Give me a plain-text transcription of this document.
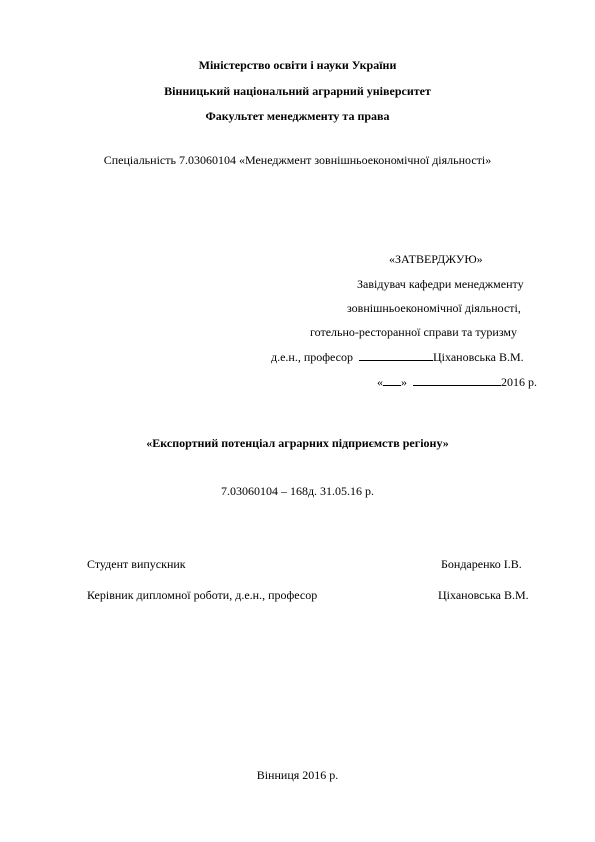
Міністерство освіти і науки України
Вінницький національний аграрний університет
Факультет менеджменту та права
Спеціальність 7.03060104 «Менеджмент зовнішньоекономічної діяльності»
«ЗАТВЕРДЖУЮ»
Завідувач кафедри менеджменту
зовнішньоекономічної діяльності,
готельно-ресторанної справи та туризму
д.е.н., професор	Ціхановська В.М.
« »	2016 р.
«Експортний потенціал аграрних підприємств регіону»
7.03060104 – 168д. 31.05.16 р.
Студент випускник	Бондаренко І.В.
Керівник дипломної роботи, д.е.н., професор	Ціхановська В.М.
Вінниця 2016 р.
